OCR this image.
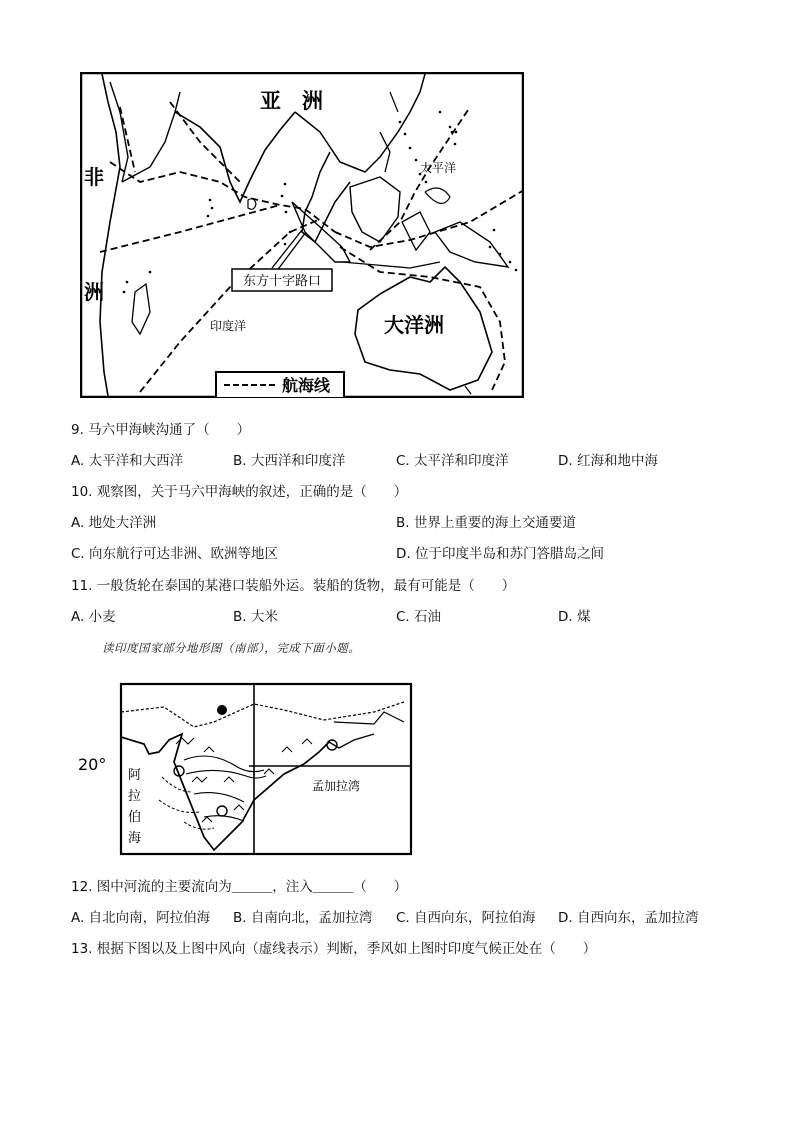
东方十字路口
亚　洲
非
洲
太平洋
印度洋	大洋洲
航海线
9. 马六甲海峡沟通了（　　）
A. 太平洋和大西洋	B. 大西洋和印度洋	C. 太平洋和印度洋	D. 红海和地中海
10. 观察图，关于马六甲海峡的叙述，正确的是（　　）
A. 地处大洋洲	B. 世界上重要的海上交通要道
C. 向东航行可达非洲、欧洲等地区	D. 位于印度半岛和苏门答腊岛之间
11. 一般货轮在泰国的某港口装船外运。装船的货物，最有可能是（　　）
A. 小麦	B. 大米	C. 石油	D. 煤
读印度国家部分地形图（南部），完成下面小题。
20°
阿
拉
伯
海
孟加拉湾
12. 图中河流的主要流向为＿＿＿，注入＿＿＿（　　）
A. 自北向南，阿拉伯海 B. 自南向北，孟加拉湾 C. 自西向东，阿拉伯海 D. 自西向东，孟加拉湾
13. 根据下图以及上图中风向（虚线表示）判断，季风如上图时印度气候正处在（　　）
